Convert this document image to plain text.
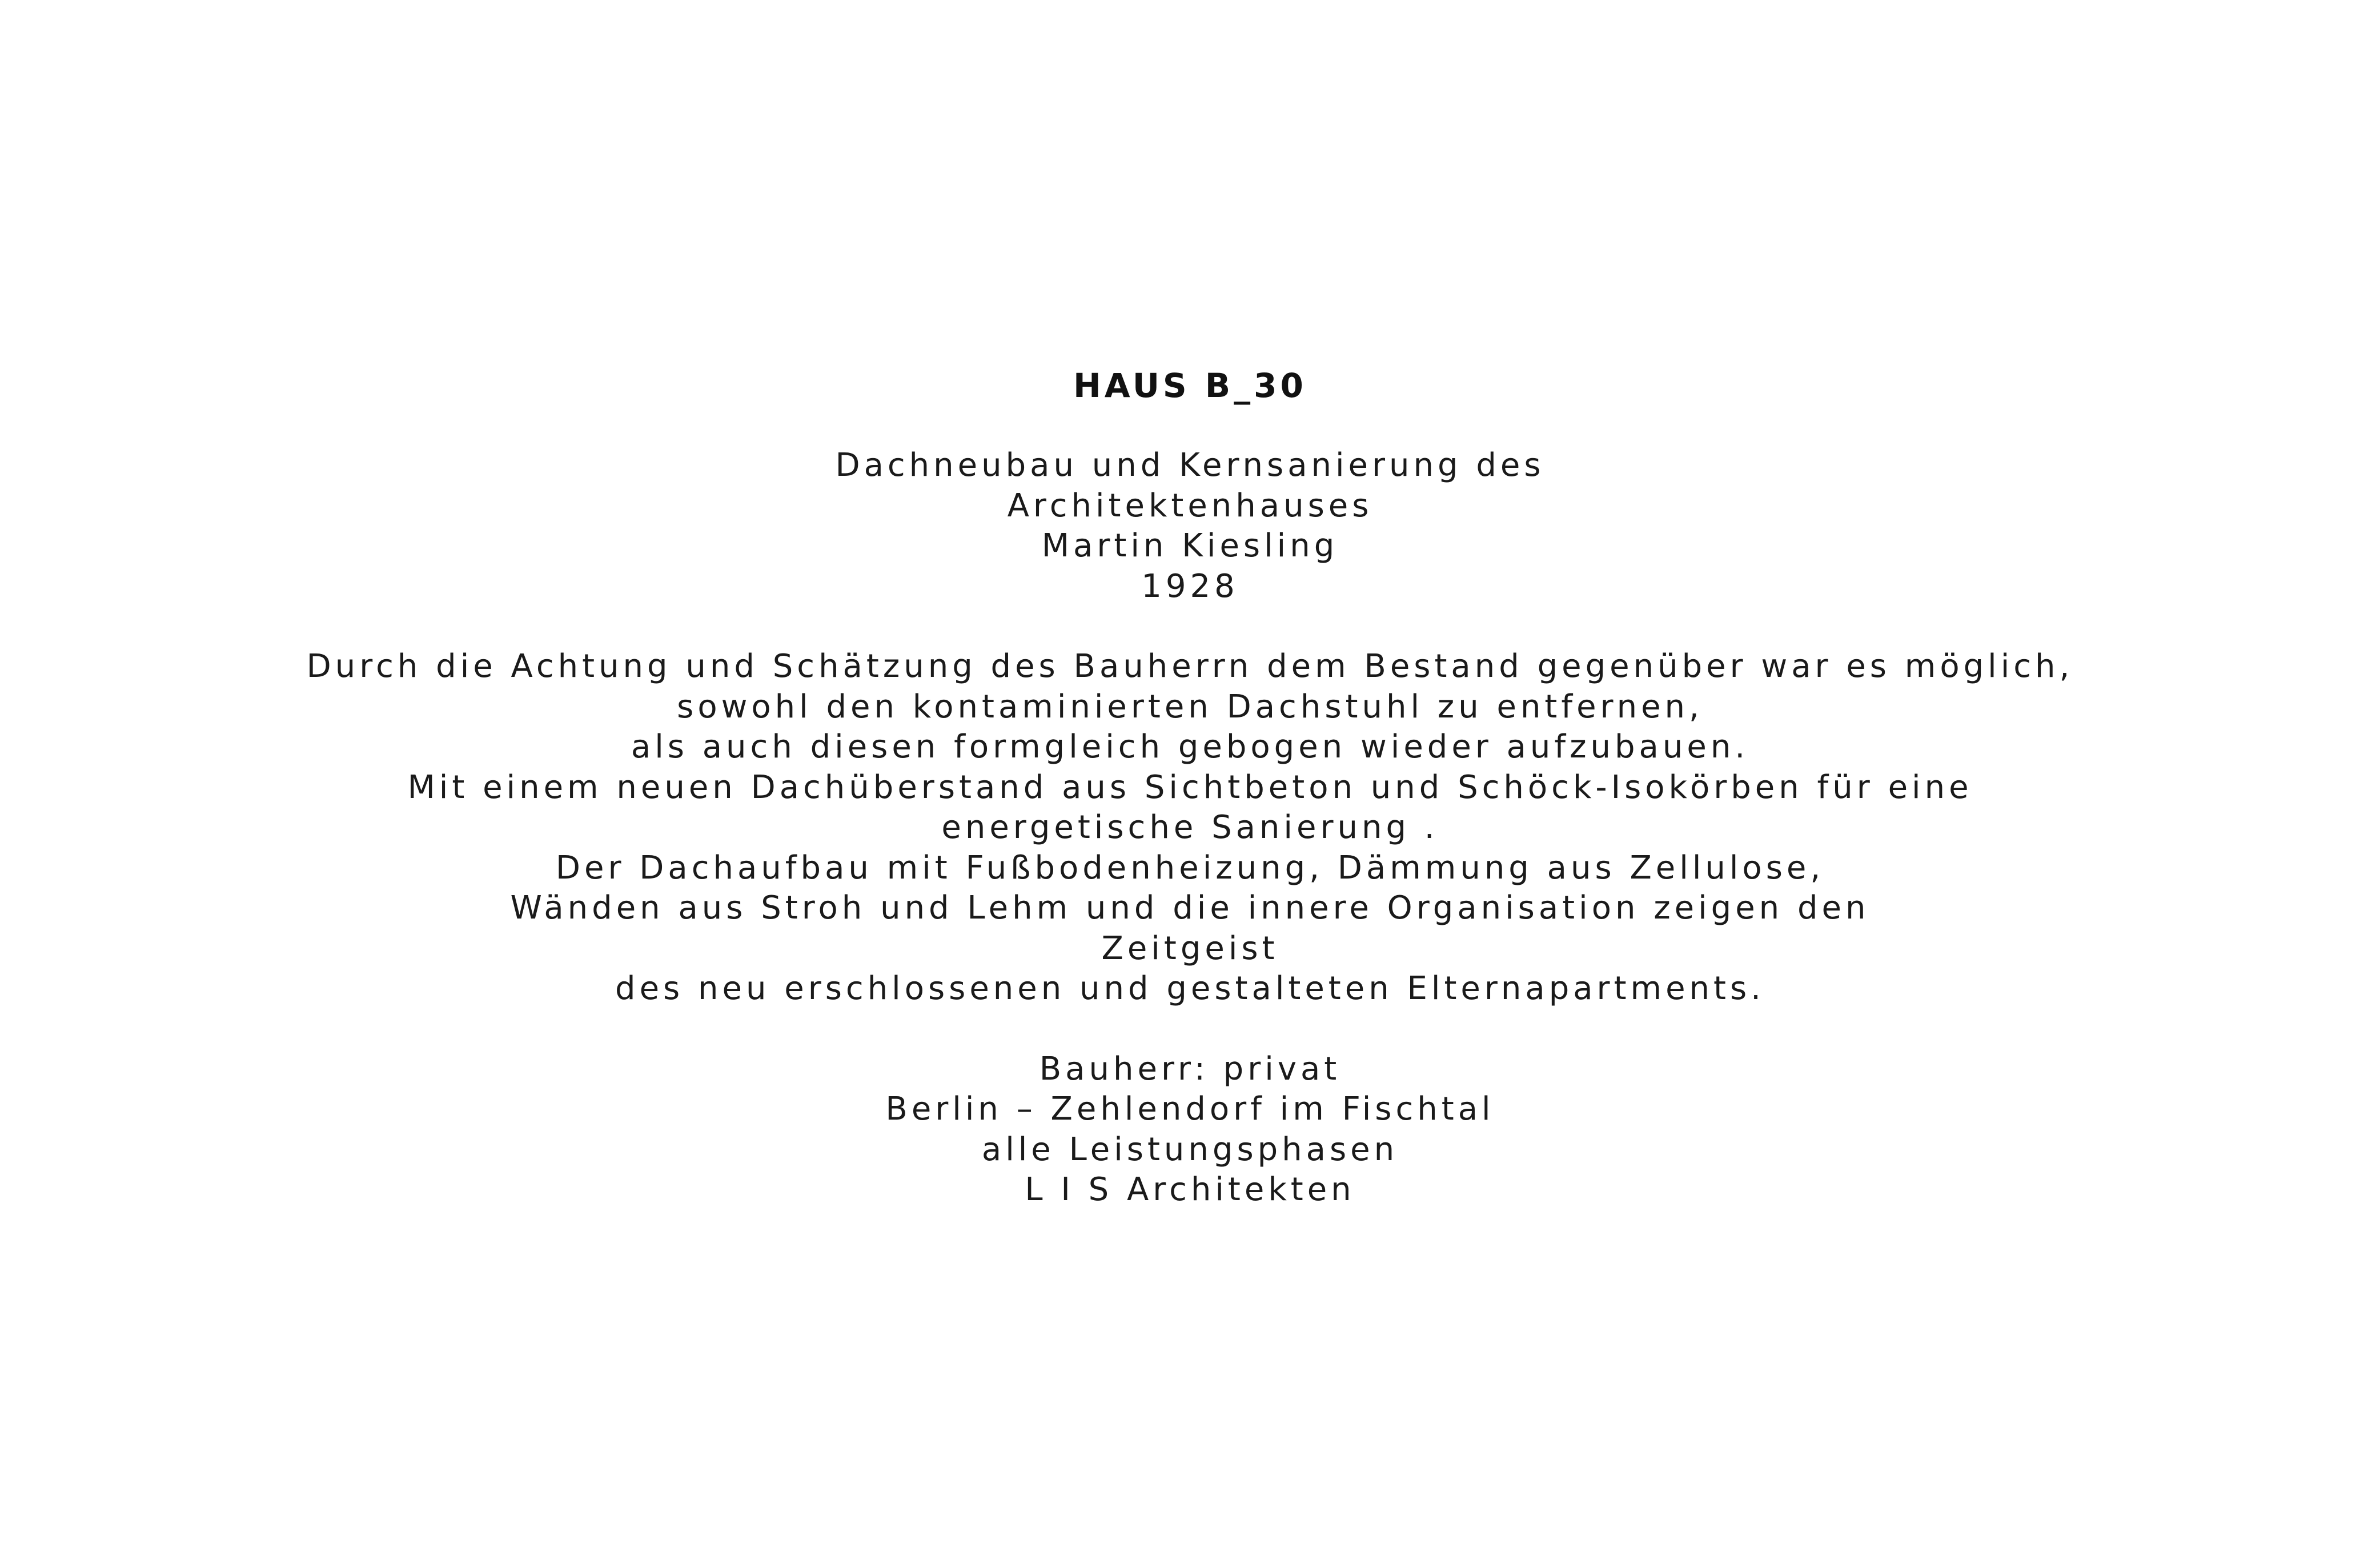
HAUS B_30

Dachneubau und Kernsanierung des
Architektenhauses
Martin Kiesling
1928

Durch die Achtung und Schätzung des Bauherrn dem Bestand gegenüber war es möglich,
sowohl den kontaminierten Dachstuhl zu entfernen,
als auch diesen formgleich gebogen wieder aufzubauen.
Mit einem neuen Dachüberstand aus Sichtbeton und Schöck-Isokörben für eine
energetische Sanierung .
Der Dachaufbau mit Fußbodenheizung, Dämmung aus Zellulose,
Wänden aus Stroh und Lehm und die innere Organisation zeigen den
Zeitgeist
des neu erschlossenen und gestalteten Elternapartments.

Bauherr: privat
Berlin – Zehlendorf im Fischtal
alle Leistungsphasen
L I S Architekten
